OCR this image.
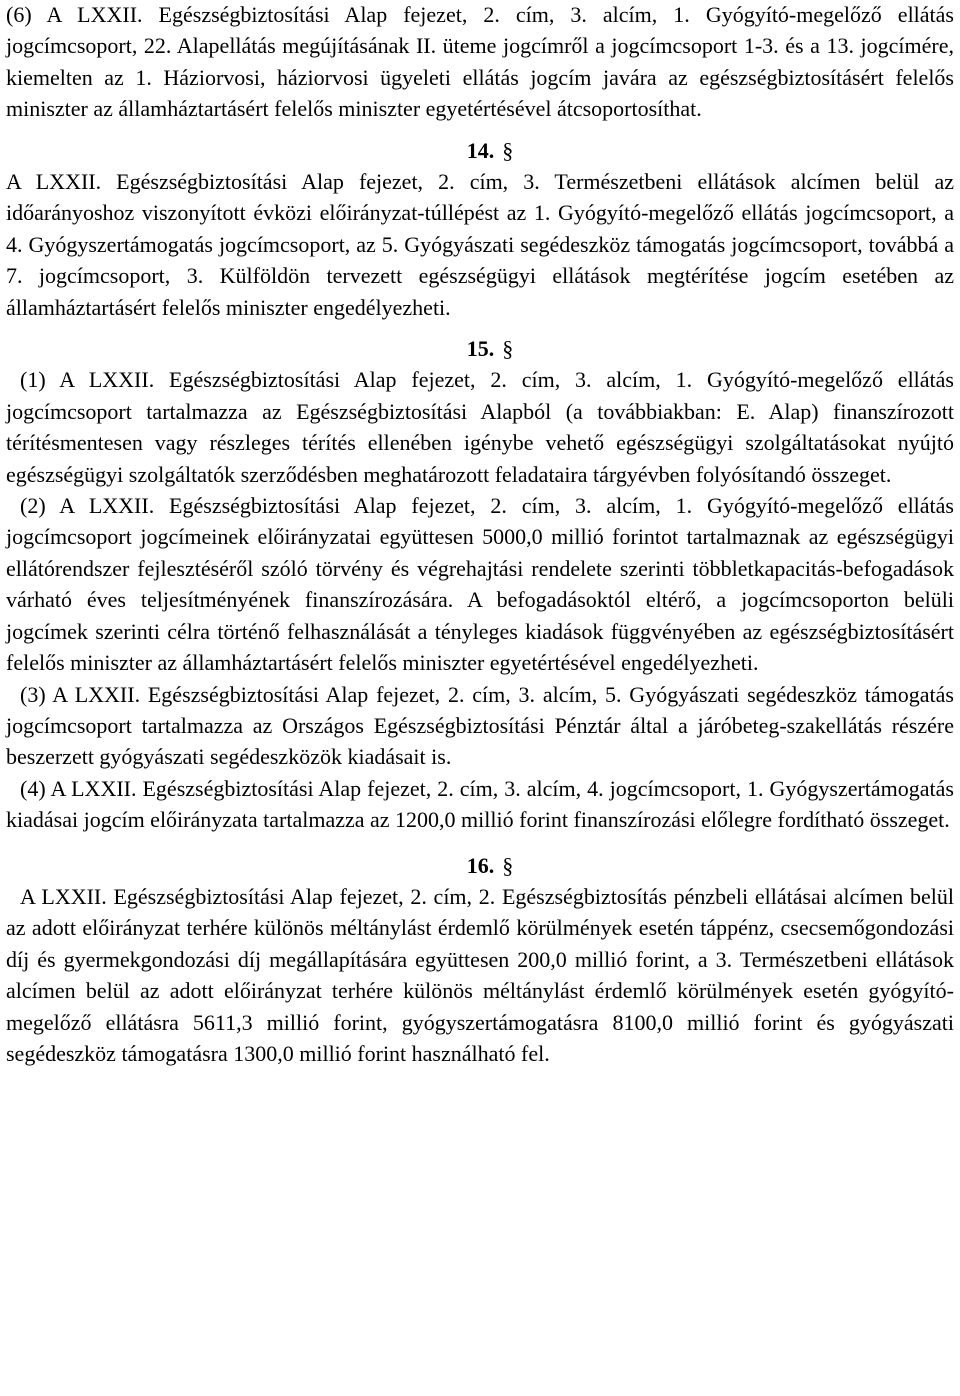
(6) A LXXII. Egészségbiztosítási Alap fejezet, 2. cím, 3. alcím, 1. Gyógyító-megelőző ellátás jogcímcsoport, 22. Alapellátás megújításának II. üteme jogcímről a jogcímcsoport 1-3. és a 13. jogcímére, kiemelten az 1. Háziorvosi, háziorvosi ügyeleti ellátás jogcím javára az egészségbiztosításért felelős miniszter az államháztartásért felelős miniszter egyetértésével átcsoportosíthat.

14. §

A LXXII. Egészségbiztosítási Alap fejezet, 2. cím, 3. Természetbeni ellátások alcímen belül az időarányoshoz viszonyított évközi előirányzat-túllépést az 1. Gyógyító-megelőző ellátás jogcímcsoport, a 4. Gyógyszertámogatás jogcímcsoport, az 5. Gyógyászati segédeszköz támogatás jogcímcsoport, továbbá a 7. jogcímcsoport, 3. Külföldön tervezett egészségügyi ellátások megtérítése jogcím esetében az államháztartásért felelős miniszter engedélyezheti.

15. §

(1) A LXXII. Egészségbiztosítási Alap fejezet, 2. cím, 3. alcím, 1. Gyógyító-megelőző ellátás jogcímcsoport tartalmazza az Egészségbiztosítási Alapból (a továbbiakban: E. Alap) finanszírozott térítésmentesen vagy részleges térítés ellenében igénybe vehető egészségügyi szolgáltatásokat nyújtó egészségügyi szolgáltatók szerződésben meghatározott feladataira tárgyévben folyósítandó összeget.

(2) A LXXII. Egészségbiztosítási Alap fejezet, 2. cím, 3. alcím, 1. Gyógyító-megelőző ellátás jogcímcsoport jogcímeinek előirányzatai együttesen 5000,0 millió forintot tartalmaznak az egészségügyi ellátórendszer fejlesztéséről szóló törvény és végrehajtási rendelete szerinti többletkapacitás-befogadások várható éves teljesítményének finanszírozására. A befogadásoktól eltérő, a jogcímcsoporton belüli jogcímek szerinti célra történő felhasználását a tényleges kiadások függvényében az egészségbiztosításért felelős miniszter az államháztartásért felelős miniszter egyetértésével engedélyezheti.

(3) A LXXII. Egészségbiztosítási Alap fejezet, 2. cím, 3. alcím, 5. Gyógyászati segédeszköz támogatás jogcímcsoport tartalmazza az Országos Egészségbiztosítási Pénztár által a járóbeteg-szakellátás részére beszerzett gyógyászati segédeszközök kiadásait is.

(4) A LXXII. Egészségbiztosítási Alap fejezet, 2. cím, 3. alcím, 4. jogcímcsoport, 1. Gyógyszertámogatás kiadásai jogcím előirányzata tartalmazza az 1200,0 millió forint finanszírozási előlegre fordítható összeget.

16. §

A LXXII. Egészségbiztosítási Alap fejezet, 2. cím, 2. Egészségbiztosítás pénzbeli ellátásai alcímen belül az adott előirányzat terhére különös méltánylást érdemlő körülmények esetén táppénz, csecsemőgondozási díj és gyermekgondozási díj megállapítására együttesen 200,0 millió forint, a 3. Természetbeni ellátások alcímen belül az adott előirányzat terhére különös méltánylást érdemlő körülmények esetén gyógyító-megelőző ellátásra 5611,3 millió forint, gyógyszertámogatásra 8100,0 millió forint és gyógyászati segédeszköz támogatásra 1300,0 millió forint használható fel.
